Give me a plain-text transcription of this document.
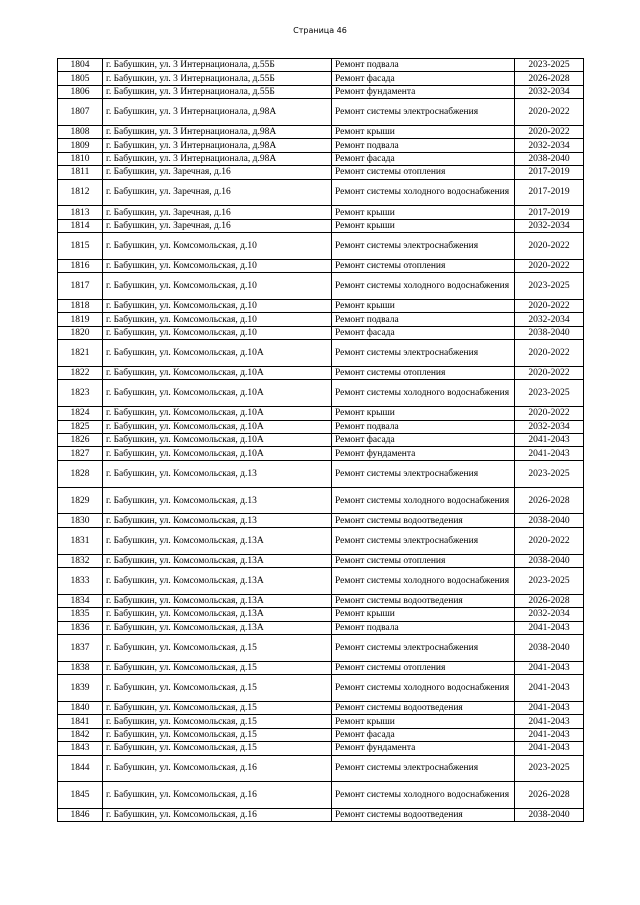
Страница 46
1804	г. Бабушкин, ул. 3 Интернационала, д.55Б	Ремонт подвала	2023-2025
1805	г. Бабушкин, ул. 3 Интернационала, д.55Б	Ремонт фасада	2026-2028
1806	г. Бабушкин, ул. 3 Интернационала, д.55Б	Ремонт фундамента	2032-2034
1807	г. Бабушкин, ул. 3 Интернационала, д.98А	Ремонт системы электроснабжения	2020-2022
1808	г. Бабушкин, ул. 3 Интернационала, д.98А	Ремонт крыши	2020-2022
1809	г. Бабушкин, ул. 3 Интернационала, д.98А	Ремонт подвала	2032-2034
1810	г. Бабушкин, ул. 3 Интернационала, д.98А	Ремонт фасада	2038-2040
1811	г. Бабушкин, ул. Заречная, д.16	Ремонт системы отопления	2017-2019
1812	г. Бабушкин, ул. Заречная, д.16	Ремонт системы холодного водоснабжения	2017-2019
1813	г. Бабушкин, ул. Заречная, д.16	Ремонт крыши	2017-2019
1814	г. Бабушкин, ул. Заречная, д.16	Ремонт крыши	2032-2034
1815	г. Бабушкин, ул. Комсомольская, д.10	Ремонт системы электроснабжения	2020-2022
1816	г. Бабушкин, ул. Комсомольская, д.10	Ремонт системы отопления	2020-2022
1817	г. Бабушкин, ул. Комсомольская, д.10	Ремонт системы холодного водоснабжения	2023-2025
1818	г. Бабушкин, ул. Комсомольская, д.10	Ремонт крыши	2020-2022
1819	г. Бабушкин, ул. Комсомольская, д.10	Ремонт подвала	2032-2034
1820	г. Бабушкин, ул. Комсомольская, д.10	Ремонт фасада	2038-2040
1821	г. Бабушкин, ул. Комсомольская, д.10А	Ремонт системы электроснабжения	2020-2022
1822	г. Бабушкин, ул. Комсомольская, д.10А	Ремонт системы отопления	2020-2022
1823	г. Бабушкин, ул. Комсомольская, д.10А	Ремонт системы холодного водоснабжения	2023-2025
1824	г. Бабушкин, ул. Комсомольская, д.10А	Ремонт крыши	2020-2022
1825	г. Бабушкин, ул. Комсомольская, д.10А	Ремонт подвала	2032-2034
1826	г. Бабушкин, ул. Комсомольская, д.10А	Ремонт фасада	2041-2043
1827	г. Бабушкин, ул. Комсомольская, д.10А	Ремонт фундамента	2041-2043
1828	г. Бабушкин, ул. Комсомольская, д.13	Ремонт системы электроснабжения	2023-2025
1829	г. Бабушкин, ул. Комсомольская, д.13	Ремонт системы холодного водоснабжения	2026-2028
1830	г. Бабушкин, ул. Комсомольская, д.13	Ремонт системы водоотведения	2038-2040
1831	г. Бабушкин, ул. Комсомольская, д.13А	Ремонт системы электроснабжения	2020-2022
1832	г. Бабушкин, ул. Комсомольская, д.13А	Ремонт системы отопления	2038-2040
1833	г. Бабушкин, ул. Комсомольская, д.13А	Ремонт системы холодного водоснабжения	2023-2025
1834	г. Бабушкин, ул. Комсомольская, д.13А	Ремонт системы водоотведения	2026-2028
1835	г. Бабушкин, ул. Комсомольская, д.13А	Ремонт крыши	2032-2034
1836	г. Бабушкин, ул. Комсомольская, д.13А	Ремонт подвала	2041-2043
1837	г. Бабушкин, ул. Комсомольская, д.15	Ремонт системы электроснабжения	2038-2040
1838	г. Бабушкин, ул. Комсомольская, д.15	Ремонт системы отопления	2041-2043
1839	г. Бабушкин, ул. Комсомольская, д.15	Ремонт системы холодного водоснабжения	2041-2043
1840	г. Бабушкин, ул. Комсомольская, д.15	Ремонт системы водоотведения	2041-2043
1841	г. Бабушкин, ул. Комсомольская, д.15	Ремонт крыши	2041-2043
1842	г. Бабушкин, ул. Комсомольская, д.15	Ремонт фасада	2041-2043
1843	г. Бабушкин, ул. Комсомольская, д.15	Ремонт фундамента	2041-2043
1844	г. Бабушкин, ул. Комсомольская, д.16	Ремонт системы электроснабжения	2023-2025
1845	г. Бабушкин, ул. Комсомольская, д.16	Ремонт системы холодного водоснабжения	2026-2028
1846	г. Бабушкин, ул. Комсомольская, д.16	Ремонт системы водоотведения	2038-2040
